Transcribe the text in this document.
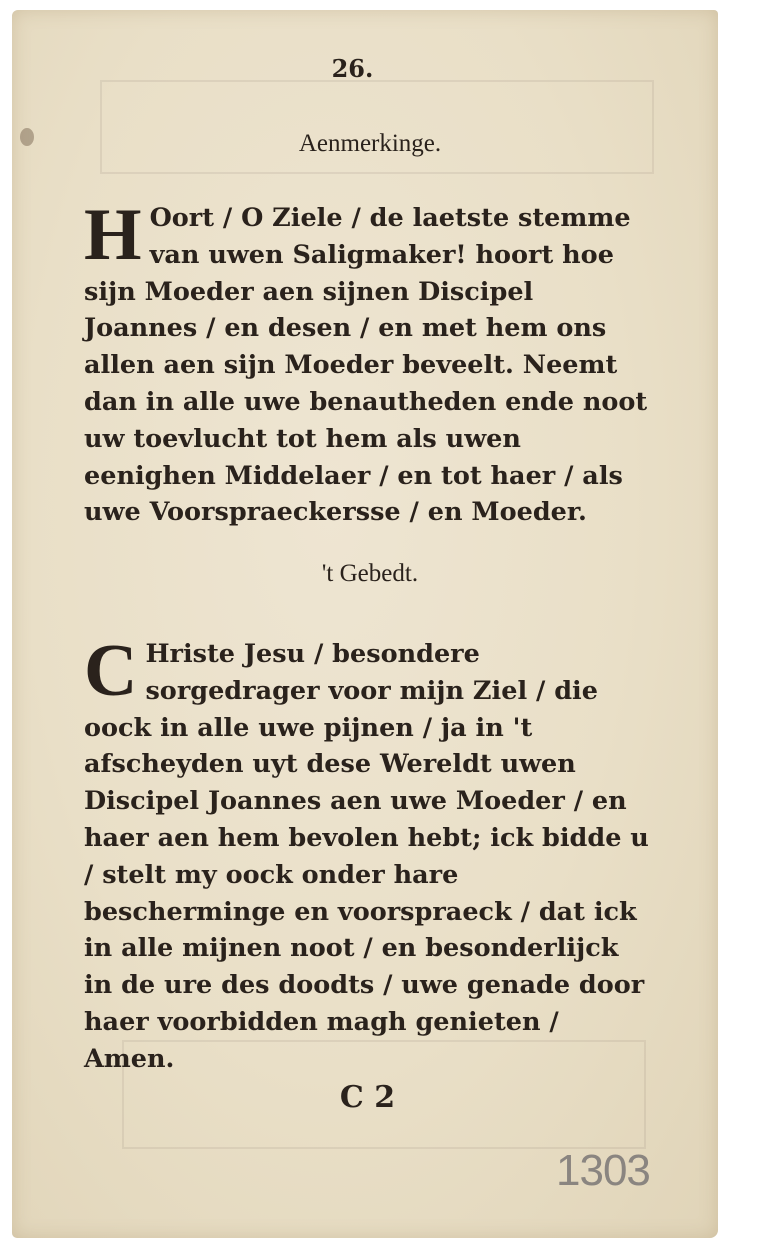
26.
Aenmerkinge.
H Oort / O Ziele / de laetste stemme van uwen Saligmaker! hoort hoe sijn Moeder aen sijnen Discipel Joannes / en desen / en met hem ons allen aen sijn Moeder beveelt. Neemt dan in alle uwe benautheden ende noot uw toevlucht tot hem als uwen eenighen Middelaer / en tot haer / als uwe Voorspraeckersse / en Moeder.
't Gebedt.
C Hriste Jesu / besondere sorgedrager voor mijn Ziel / die oock in alle uwe pijnen / ja in 't afscheyden uyt dese Wereldt uwen Discipel Joannes aen uwe Moeder / en haer aen hem bevolen hebt; ick bidde u / stelt my oock onder hare bescherminge en voorspraeck / dat ick in alle mijnen noot / en besonderlijck in de ure des doodts / uwe genade door haer voorbidden magh genieten / Amen.
C 2
1303
